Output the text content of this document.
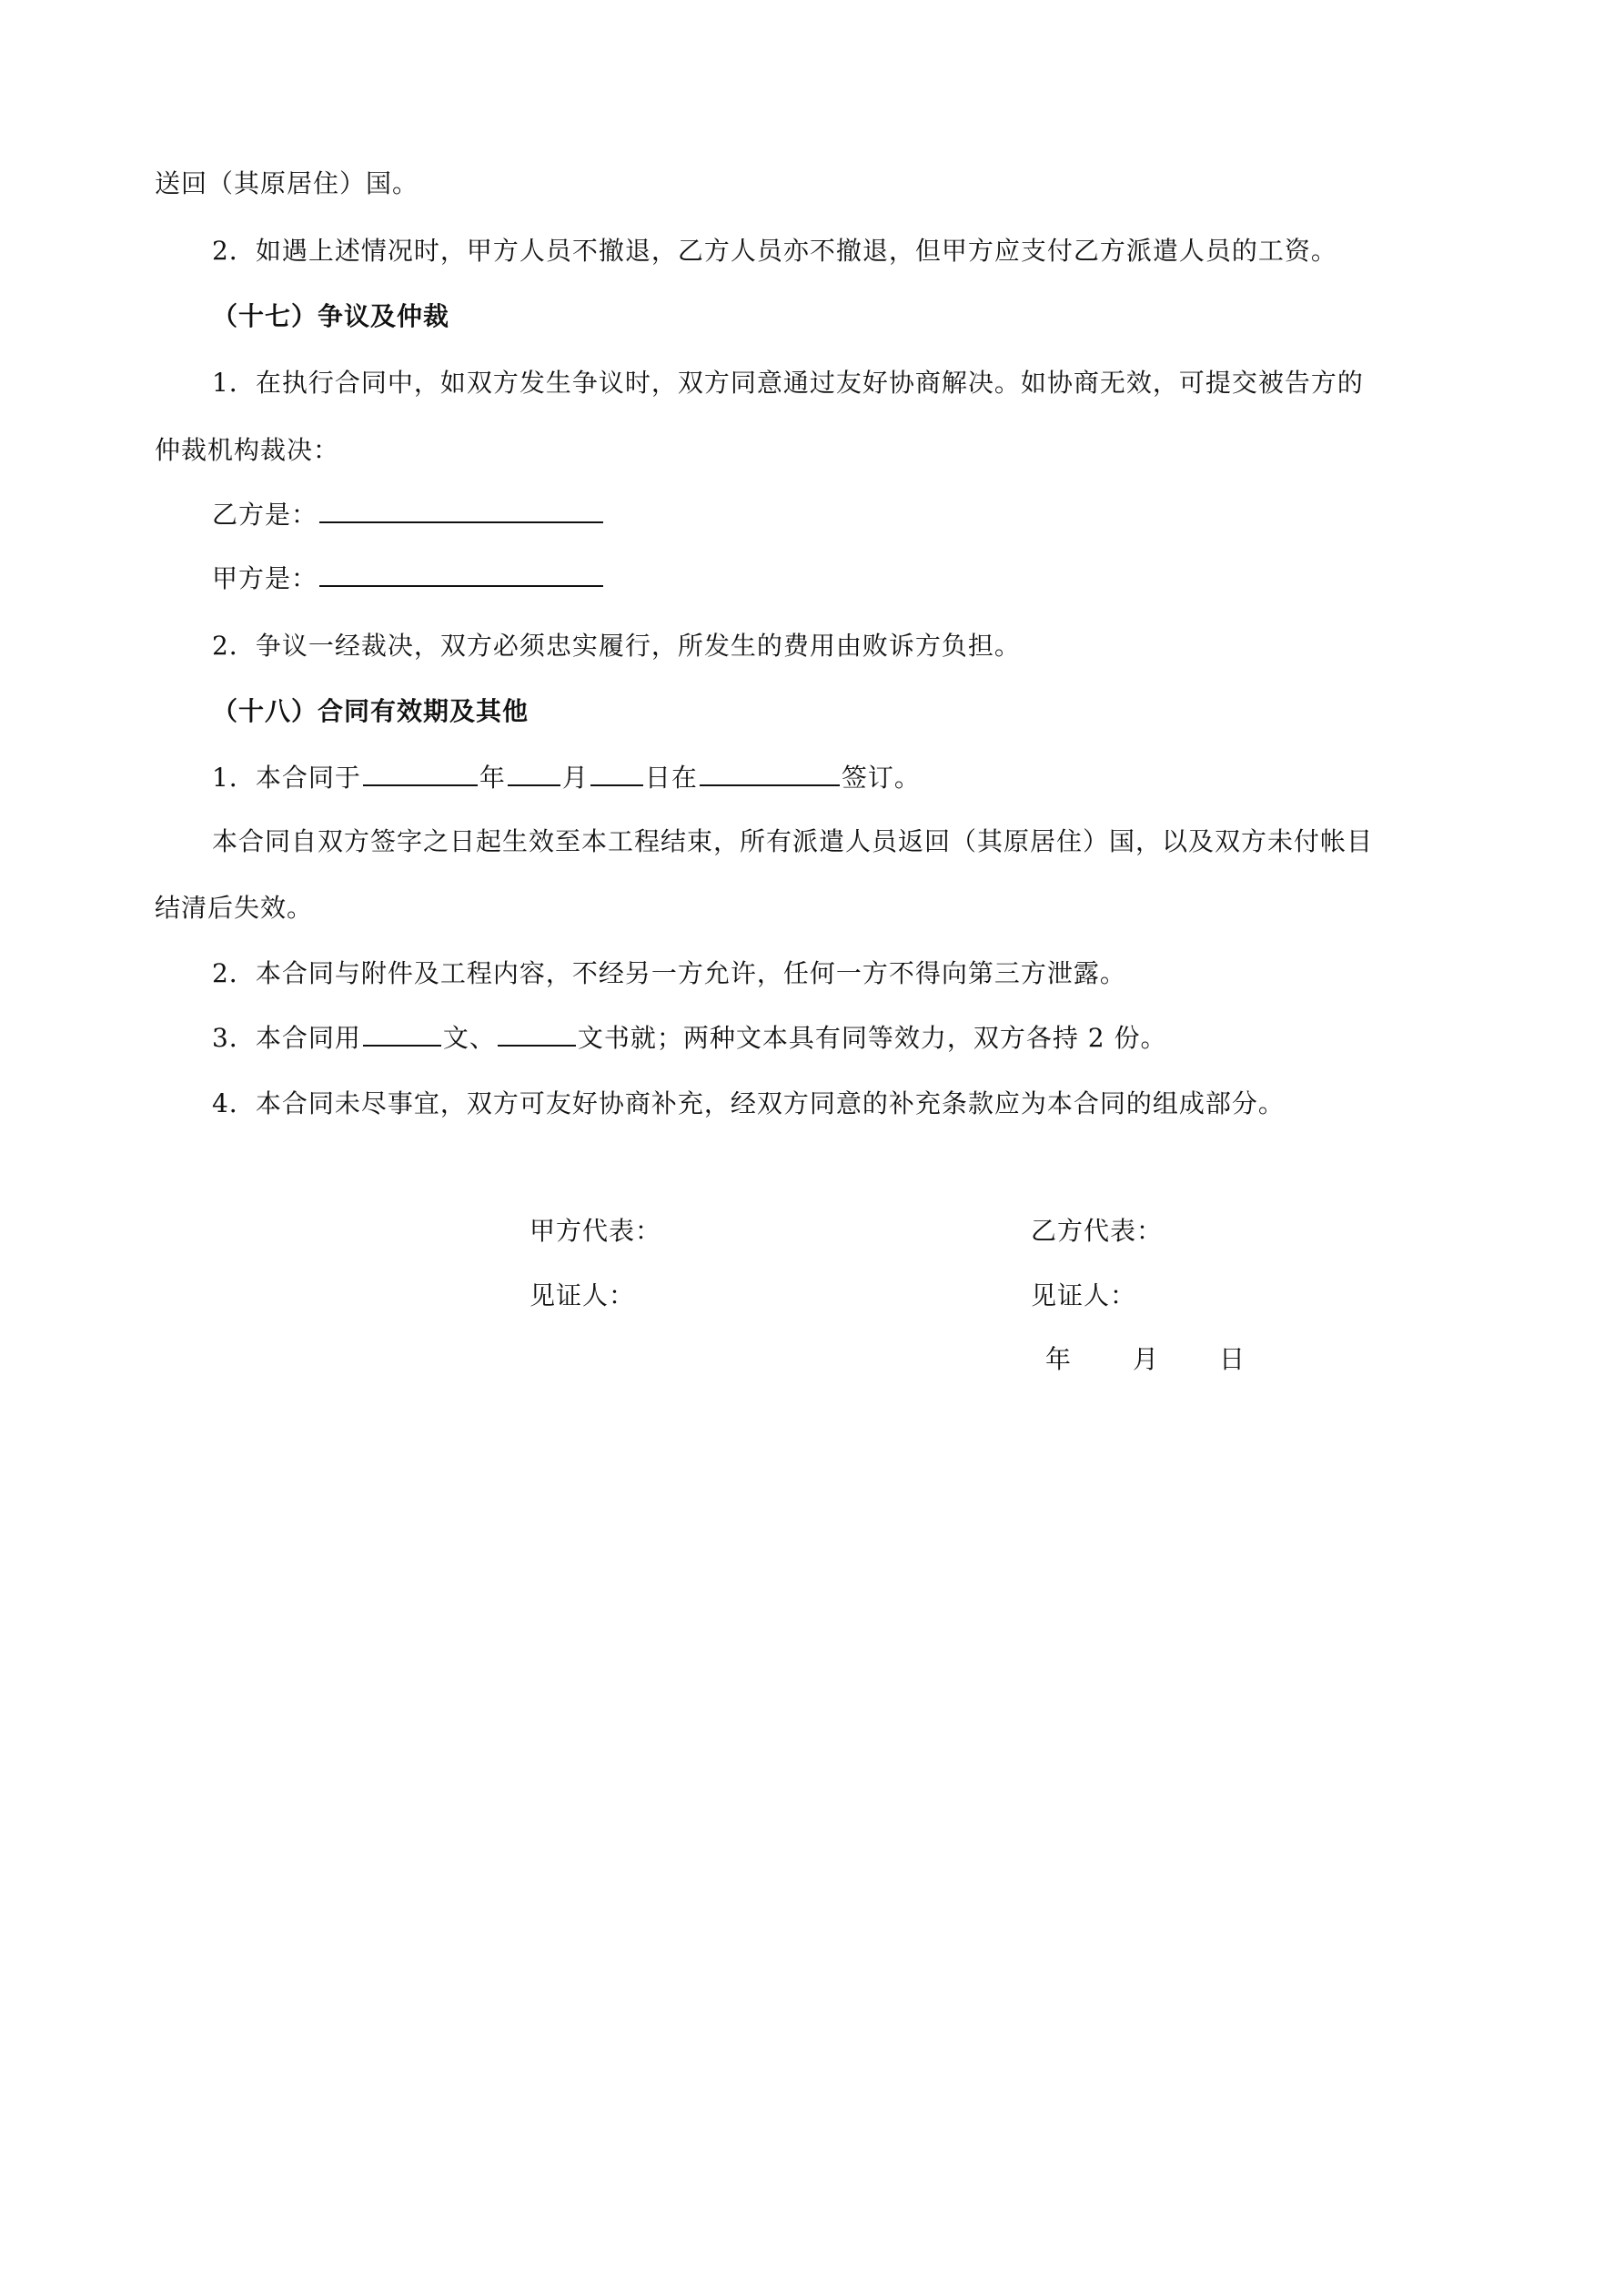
送回（其原居住）国。
2．如遇上述情况时，甲方人员不撤退，乙方人员亦不撤退，但甲方应支付乙方派遣人员的工资。
（十七）争议及仲裁
1．在执行合同中，如双方发生争议时，双方同意通过友好协商解决。如协商无效，可提交被告方的
仲裁机构裁决：
乙方是：
甲方是：
2．争议一经裁决，双方必须忠实履行，所发生的费用由败诉方负担。
（十八）合同有效期及其他
1．本合同于	年 月 日在	签订。
本合同自双方签字之日起生效至本工程结束，所有派遣人员返回（其原居住）国，以及双方未付帐目
结清后失效。
2．本合同与附件及工程内容，不经另一方允许，任何一方不得向第三方泄露。
3．本合同用	文、	文书就；两种文本具有同等效力，双方各持 2 份。
4．本合同未尽事宜，双方可友好协商补充，经双方同意的补充条款应为本合同的组成部分。
甲方代表：	乙方代表：
见证人：	见证人：
年 月 日
